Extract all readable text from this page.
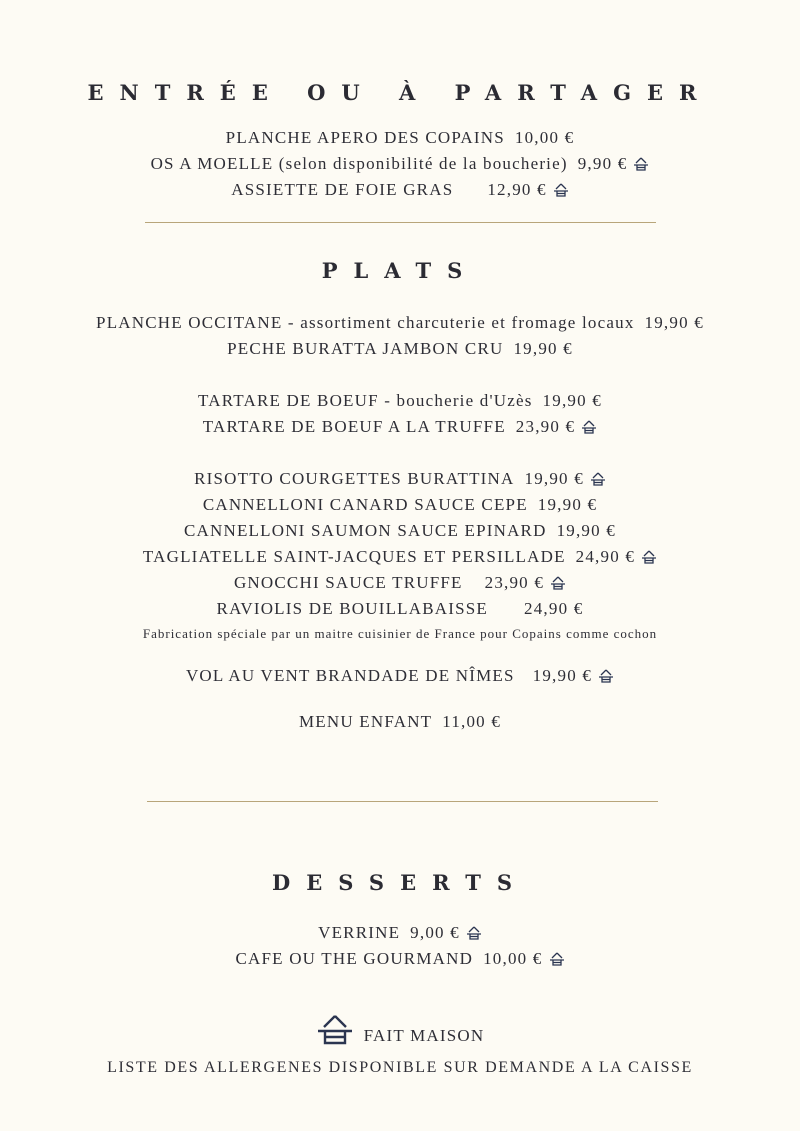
ENTRÉE OU À PARTAGER
PLANCHE APERO DES COPAINS 10,00 €
OS A MOELLE (selon disponibilité de la boucherie) 9,90 €
ASSIETTE DE FOIE GRAS 12,90 €
PLATS
PLANCHE OCCITANE - assortiment charcuterie et fromage locaux 19,90 €
PECHE BURATTA JAMBON CRU 19,90 €
TARTARE DE BOEUF - boucherie d'Uzès 19,90 €
TARTARE DE BOEUF A LA TRUFFE 23,90 €
RISOTTO COURGETTES BURATTINA 19,90 €
CANNELLONI CANARD SAUCE CEPE 19,90 €
CANNELLONI SAUMON SAUCE EPINARD 19,90 €
TAGLIATELLE SAINT-JACQUES ET PERSILLADE 24,90 €
GNOCCHI SAUCE TRUFFE 23,90 €
RAVIOLIS DE BOUILLABAISSE 24,90 €
Fabrication spéciale par un maitre cuisinier de France pour Copains comme cochon
VOL AU VENT BRANDADE DE NÎMES 19,90 €
MENU ENFANT 11,00 €
DESSERTS
VERRINE 9,00 €
CAFE OU THE GOURMAND 10,00 €
FAIT MAISON
LISTE DES ALLERGENES DISPONIBLE SUR DEMANDE A LA CAISSE
